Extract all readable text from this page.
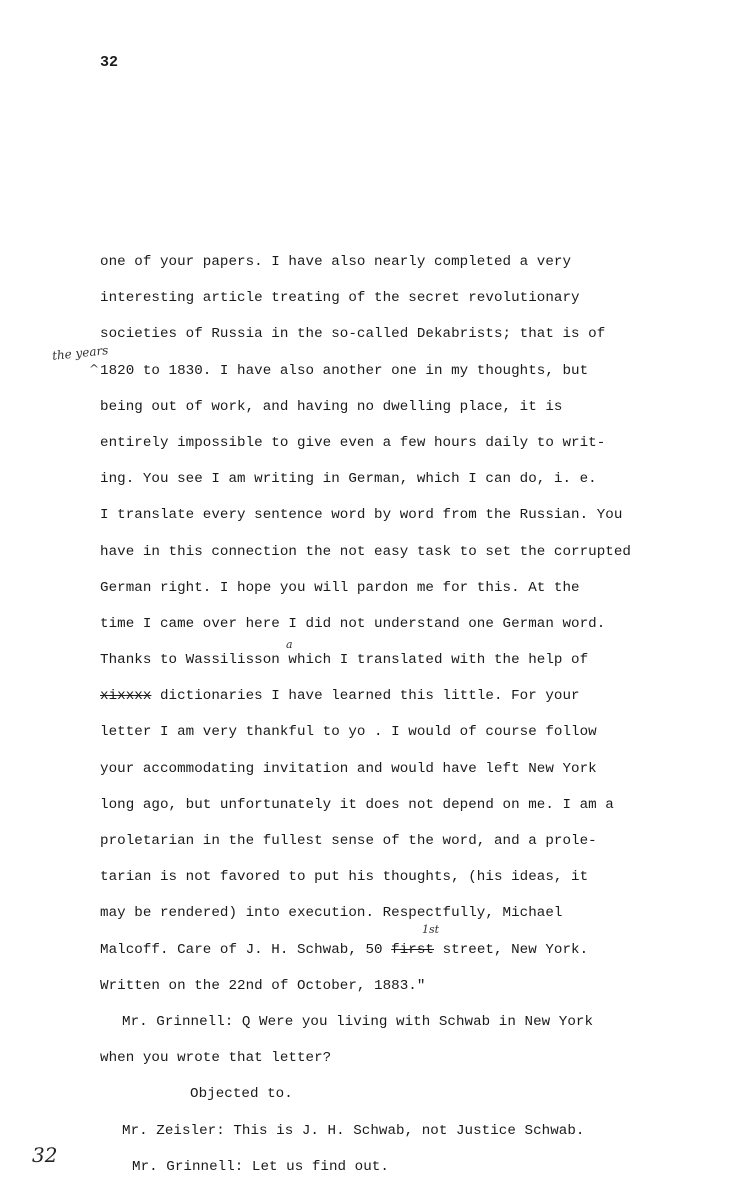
32
the years
^
a
1st
one of your papers. I have also nearly completed a very
interesting article treating of the secret revolutionary
societies of Russia in the so-called Dekabrists; that is of
1820 to 1830. I have also another one in my thoughts, but
being out of work, and having no dwelling place, it is
entirely impossible to give even a few hours daily to writ-
ing. You see I am writing in German, which I can do, i. e.
I translate every sentence word by word from the Russian. You
have in this connection the not easy task to set the corrupted
German right. I hope you will pardon me for this. At the
time I came over here I did not understand one German word.
Thanks to Wassilisson which I translated with the help of
xixxxx dictionaries I have learned this little. For your
letter I am very thankful to yo . I would of course follow
your accommodating invitation and would have left New York
long ago, but unfortunately it does not depend on me. I am a
proletarian in the fullest sense of the word, and a prole-
tarian is not favored to put his thoughts, (his ideas, it
may be rendered) into execution. Respectfully, Michael
Malcoff. Care of J. H. Schwab, 50 first street, New York.
Written on the 22nd of October, 1883."
Mr. Grinnell: Q Were you living with Schwab in New York
when you wrote that letter?
Objected to.
Mr. Zeisler: This is J. H. Schwab, not Justice Schwab.
Mr. Grinnell: Let us find out.
32
